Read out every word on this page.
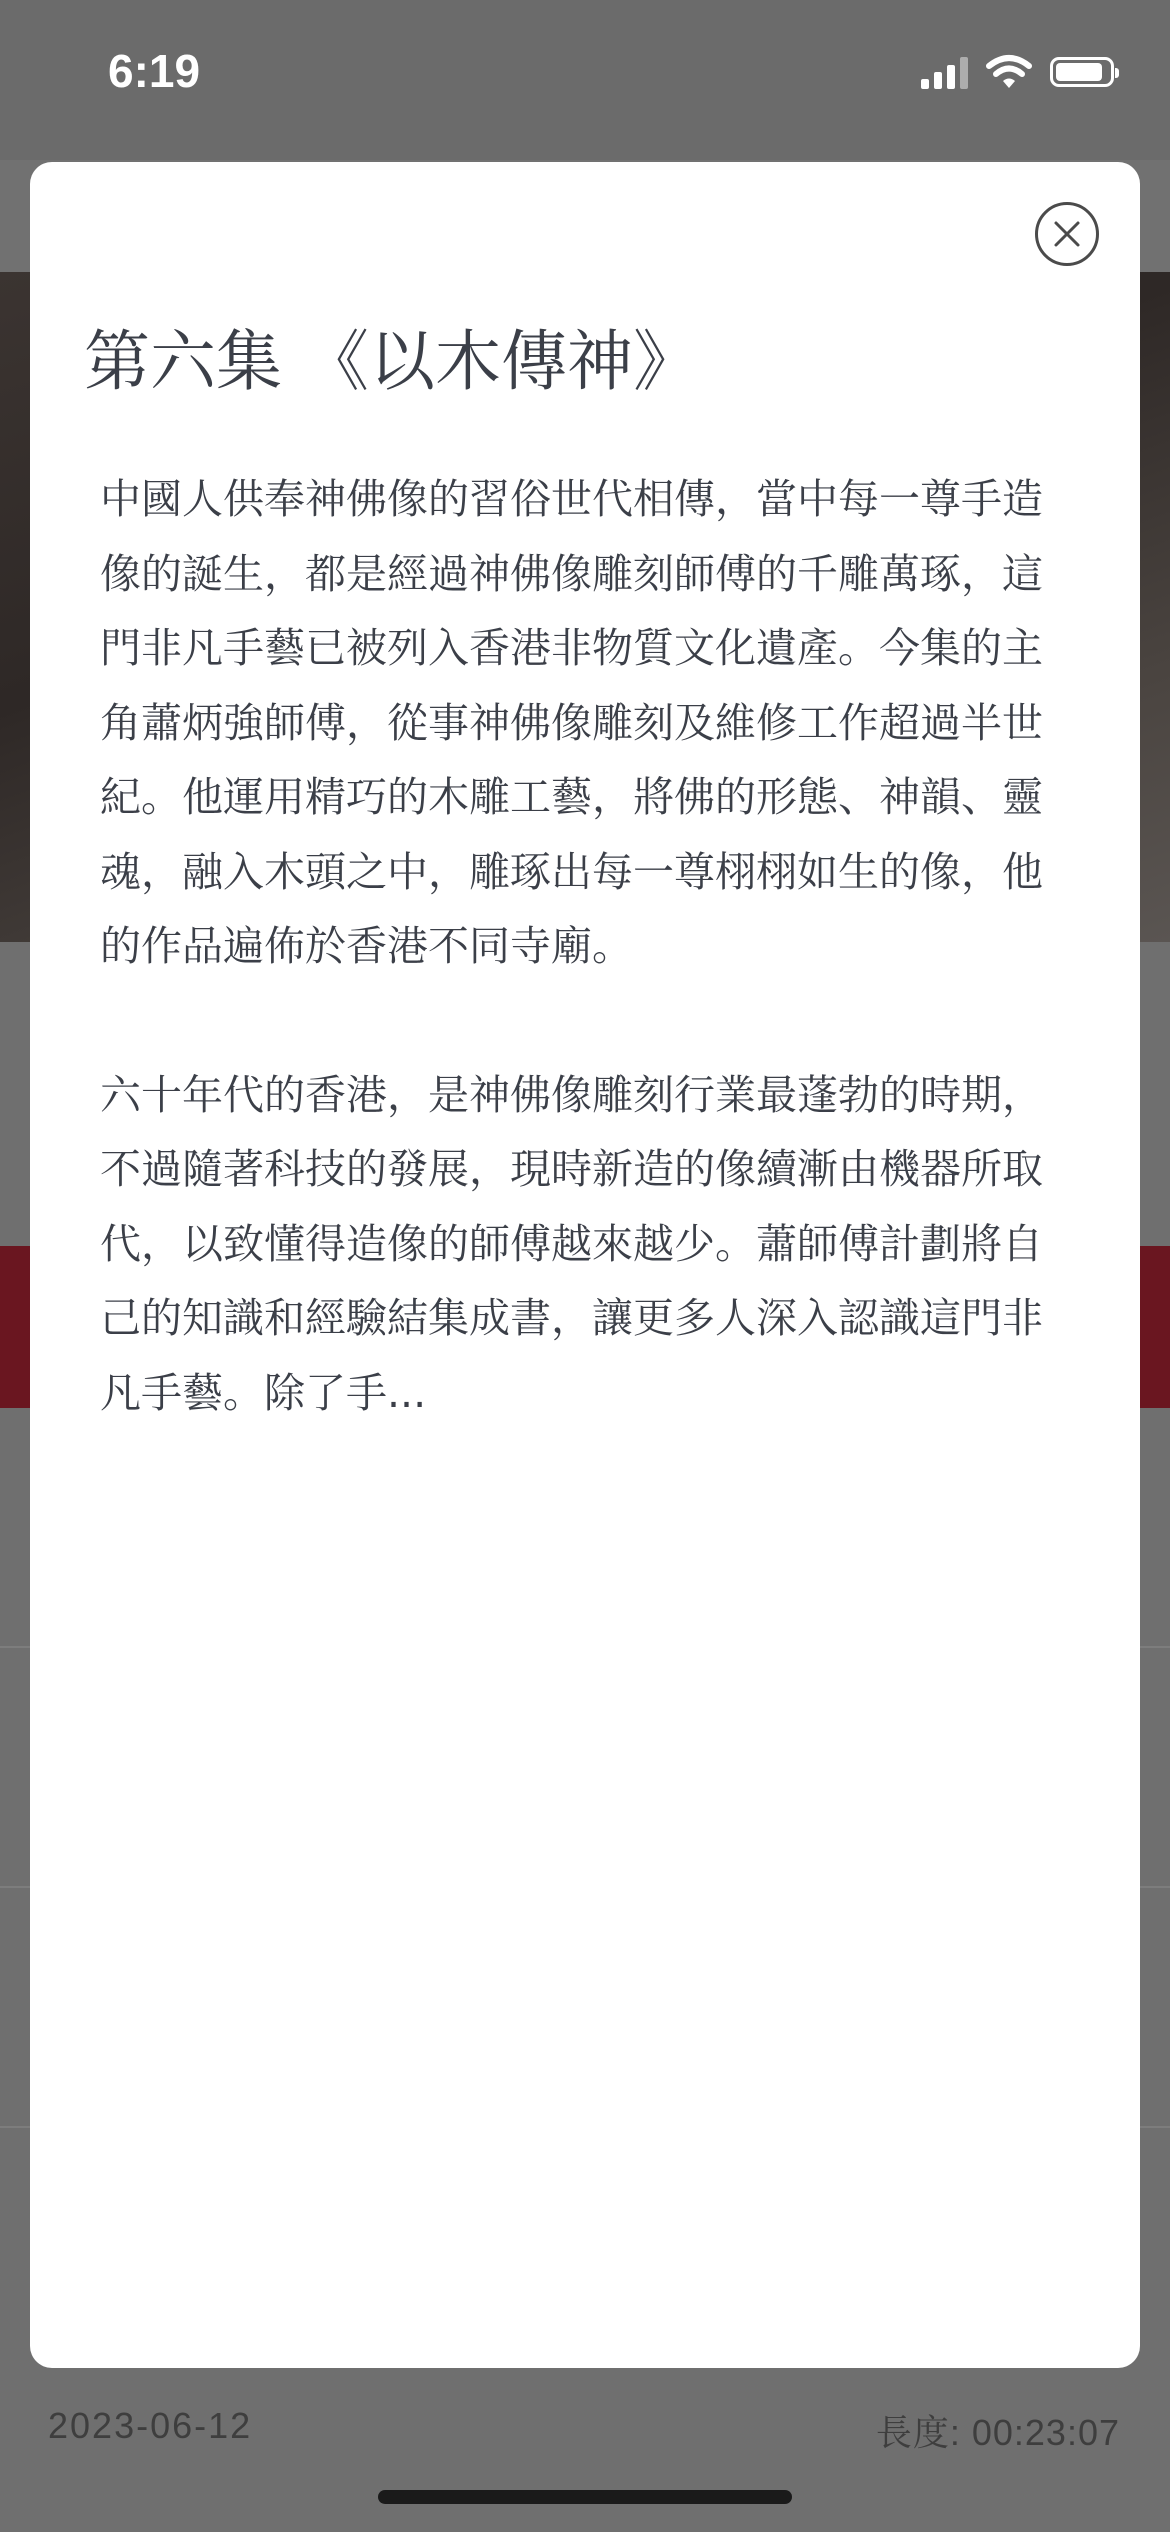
2023-06-12	長度: 00:23:07
6:19
第六集 《以木傳神》

中國人供奉神佛像的習俗世代相傳，當中每一尊手造像的誕生，都是經過神佛像雕刻師傅的千雕萬琢，這門非凡手藝已被列入香港非物質文化遺產。今集的主角蕭炳強師傅，從事神佛像雕刻及維修工作超過半世紀。他運用精巧的木雕工藝，將佛的形態、神韻、靈魂，融入木頭之中，雕琢出每一尊栩栩如生的像，他的作品遍佈於香港不同寺廟。

六十年代的香港，是神佛像雕刻行業最蓬勃的時期，不過隨著科技的發展，現時新造的像續漸由機器所取代，以致懂得造像的師傅越來越少。蕭師傅計劃將自己的知識和經驗結集成書，讓更多人深入認識這門非凡手藝。除了手...
